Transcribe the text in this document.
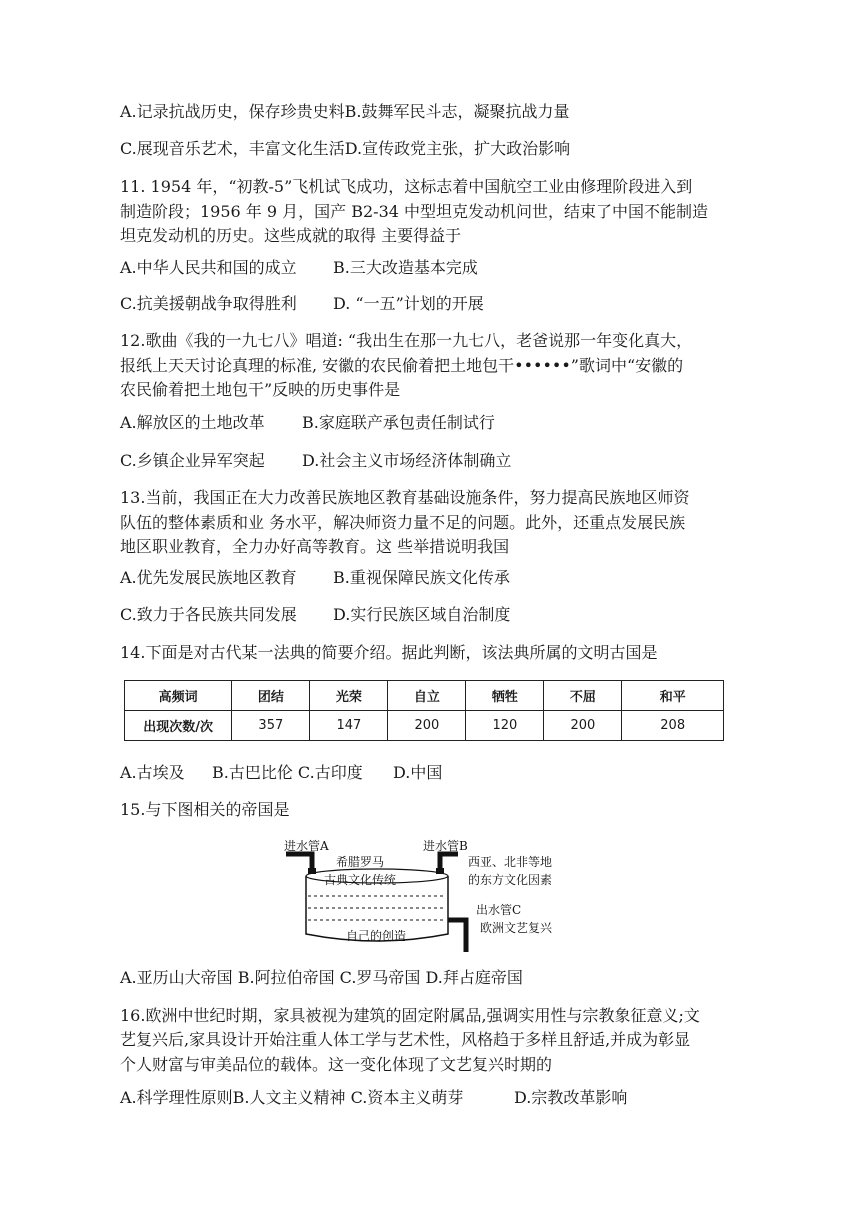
A.记录抗战历史，保存珍贵史料B.鼓舞军民斗志，凝聚抗战力量
C.展现音乐艺术，丰富文化生活D.宣传政党主张，扩大政治影响
11. 1954 年，“初教-5”飞机试飞成功，这标志着中国航空工业由修理阶段进入到
制造阶段；1956 年 9 月，国产 B2-34 中型坦克发动机问世，结束了中国不能制造
坦克发动机的历史。这些成就的取得 主要得益于
A.中华人民共和国的成立 B.三大改造基本完成
C.抗美援朝战争取得胜利 D. “一五”计划的开展
12.歌曲《我的一九七八》唱道: “我出生在那一九七八，老爸说那一年变化真大，
报纸上天天讨论真理的标准, 安徽的农民偷着把土地包干••••••”歌词中“安徽的
农民偷着把土地包干”反映的历史事件是
A.解放区的土地改革 B.家庭联产承包责任制试行
C.乡镇企业异军突起 D.社会主义市场经济体制确立
13.当前，我国正在大力改善民族地区教育基础设施条件，努力提高民族地区师资
队伍的整体素质和业 务水平，解决师资力量不足的问题。此外，还重点发展民族
地区职业教育，全力办好高等教育。这 些举措说明我国
A.优先发展民族地区教育 B.重视保障民族文化传承
C.致力于各民族共同发展 D.实行民族区域自治制度
14.下面是对古代某一法典的简要介绍。据此判断，该法典所属的文明古国是
高频词	团结	光荣	自立	牺牲	不屈	和平
出现次数/次	357	147	200	120	200	208
A.古埃及 B.古巴比伦 C.古印度 D.中国
15.与下图相关的帝国是
进水管A
希腊罗马
古典文化传统
进水管B
西亚、北非等地
的东方文化因素
出水管C
欧洲文艺复兴
自己的创造
A.亚历山大帝国 B.阿拉伯帝国 C.罗马帝国 D.拜占庭帝国
16.欧洲中世纪时期，家具被视为建筑的固定附属品,强调实用性与宗教象征意义;文
艺复兴后,家具设计开始注重人体工学与艺术性，风格趋于多样且舒适,并成为彰显
个人财富与审美品位的载体。这一变化体现了文艺复兴时期的
A.科学理性原则B.人文主义精神 C.资本主义萌芽	D.宗教改革影响
